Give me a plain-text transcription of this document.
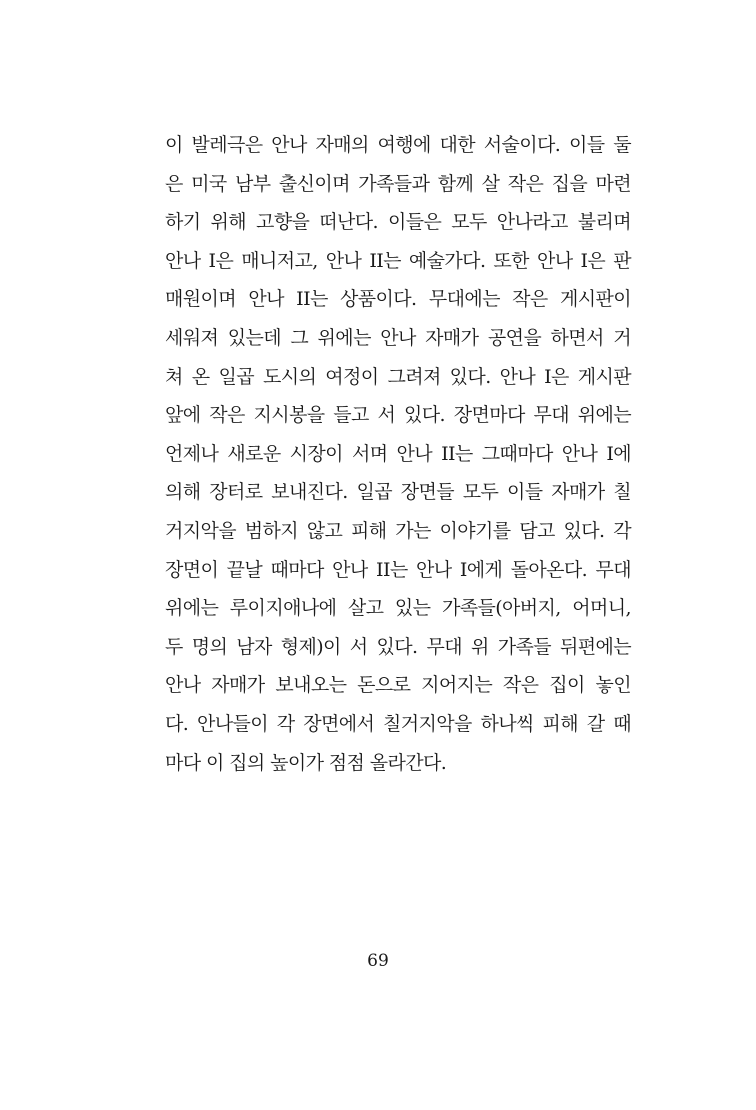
이 발레극은 안나 자매의 여행에 대한 서술이다. 이들 둘
은 미국 남부 출신이며 가족들과 함께 살 작은 집을 마련
하기 위해 고향을 떠난다. 이들은 모두 안나라고 불리며
안나 I은 매니저고, 안나 II는 예술가다. 또한 안나 I은 판
매원이며 안나 II는 상품이다. 무대에는 작은 게시판이
세워져 있는데 그 위에는 안나 자매가 공연을 하면서 거
쳐 온 일곱 도시의 여정이 그려져 있다. 안나 I은 게시판
앞에 작은 지시봉을 들고 서 있다. 장면마다 무대 위에는
언제나 새로운 시장이 서며 안나 II는 그때마다 안나 I에
의해 장터로 보내진다. 일곱 장면들 모두 이들 자매가 칠
거지악을 범하지 않고 피해 가는 이야기를 담고 있다. 각
장면이 끝날 때마다 안나 II는 안나 I에게 돌아온다. 무대
위에는 루이지애나에 살고 있는 가족들(아버지, 어머니,
두 명의 남자 형제)이 서 있다. 무대 위 가족들 뒤편에는
안나 자매가 보내오는 돈으로 지어지는 작은 집이 놓인
다. 안나들이 각 장면에서 칠거지악을 하나씩 피해 갈 때
마다 이 집의 높이가 점점 올라간다.

69
